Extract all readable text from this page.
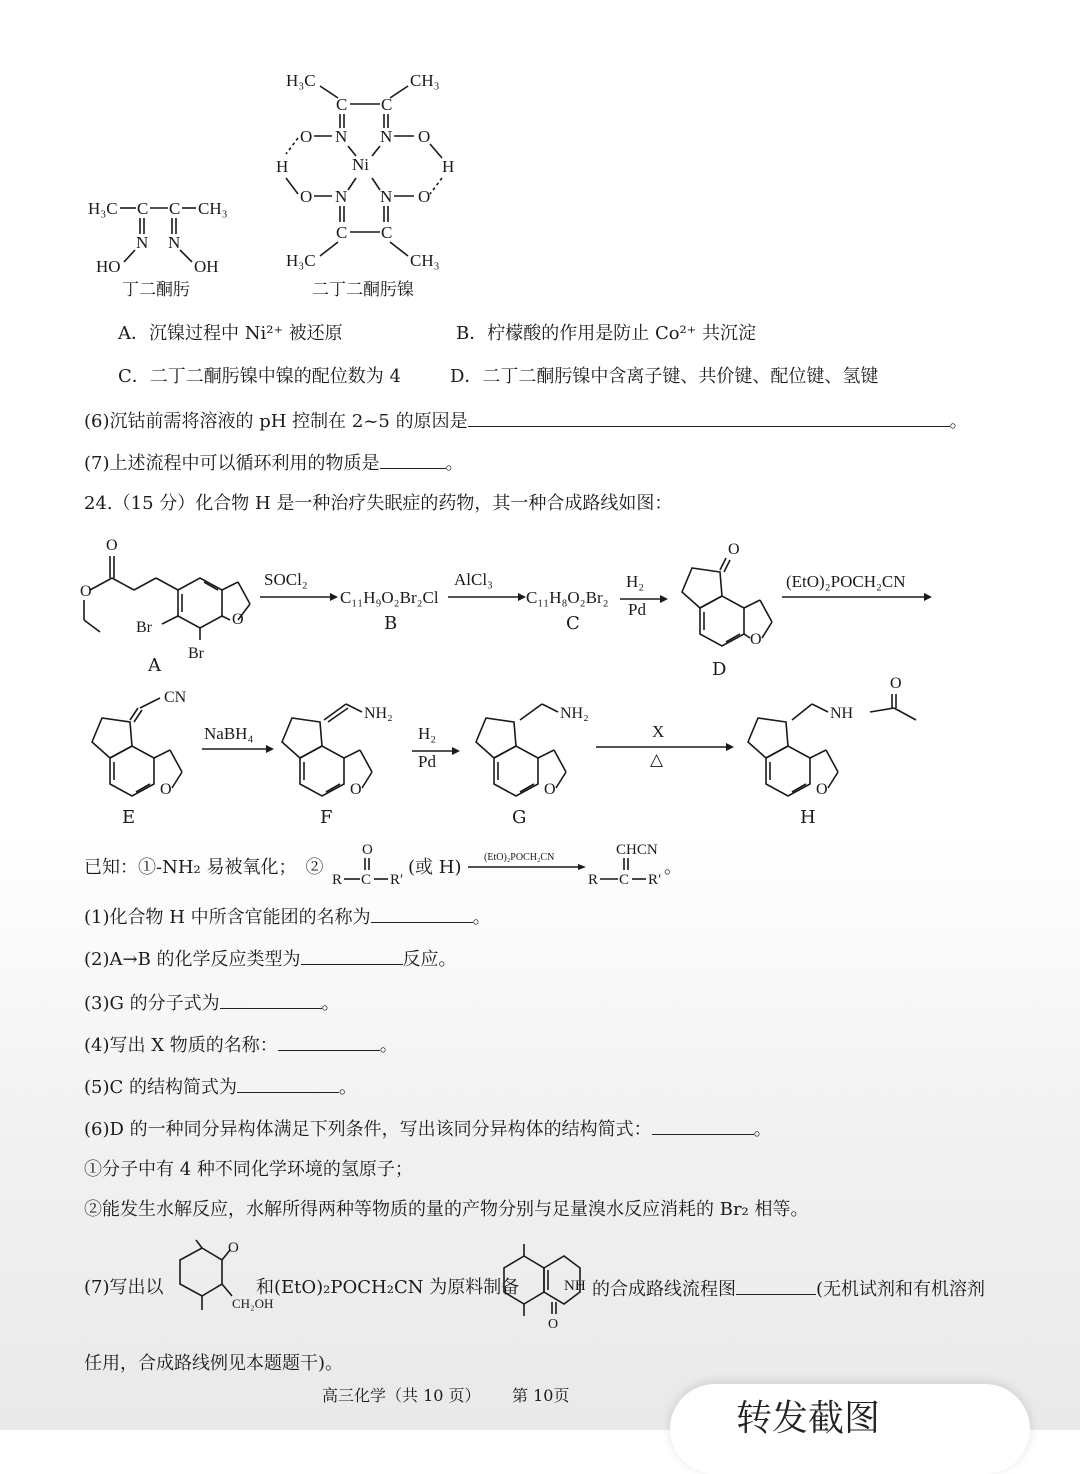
H₃C C C CH₃
N N
HO	OH
丁二酮肟
H₃C	CH₃
C C
O N N O
H	H
Ni
O N N O
C C
H₃C	CH₃
二丁二酮肟镍
A．沉镍过程中 Ni²⁺ 被还原	B．柠檬酸的作用是防止 Co²⁺ 共沉淀
C．二丁二酮肟镍中镍的配位数为 4	D．二丁二酮肟镍中含离子键、共价键、配位键、氢键
(6)沉钴前需将溶液的 pH 控制在 2~5 的原因是	。
(7)上述流程中可以循环利用的物质是	。
24.（15 分）化合物 H 是一种治疗失眠症的药物，其一种合成路线如图：
O
O
O
Br
Br
A
SOCl₂
C₁₁H₉O₂Br₂Cl
B
AlCl₃
C₁₁H₈O₂Br₂
C
H₂
Pd
O
O
D
(EtO)₂POCH₂CN
CN
O
E
NaBH₄
NH₂
O
F
H₂
Pd
NH₂
O
G
X
△
O
NH
O
H
已知：①-NH₂ 易被氧化；　②
O
R C R′
(或 H) (EtO)₂POCH₂CN	CHCN
R C R′
。
(1)化合物 H 中所含官能团的名称为	。
(2)A→B 的化学反应类型为	反应。
(3)G 的分子式为	。
(4)写出 X 物质的名称：	。
(5)C 的结构简式为	。
(6)D 的一种同分异构体满足下列条件，写出该同分异构体的结构简式：	。
①分子中有 4 种不同化学环境的氢原子；
②能发生水解反应，水解所得两种等物质的量的产物分别与足量溴水反应消耗的 Br₂ 相等。
(7)写出以
O
CH₂OH
和(EtO)₂POCH₂CN 为原料制备
O
NH 的合成路线流程图	(无机试剂和有机溶剂
任用，合成路线例见本题题干)。
高三化学（共 10 页） 第 10页
转发截图
